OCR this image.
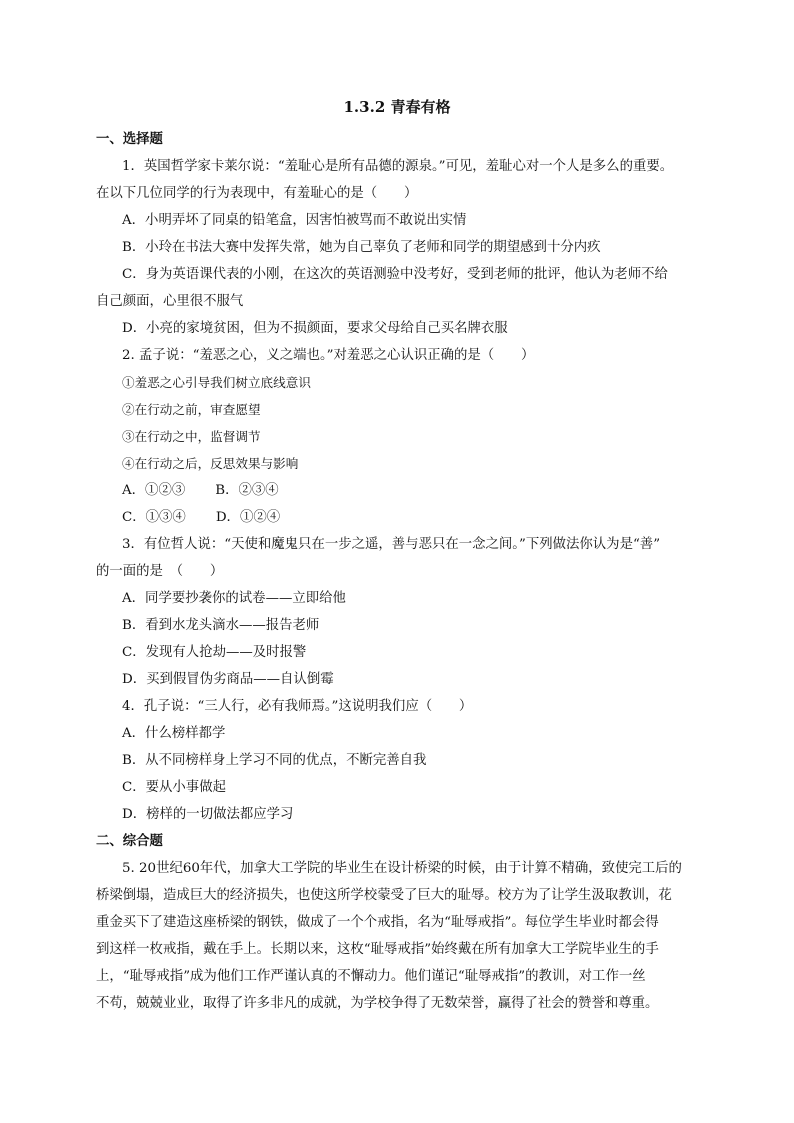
1.3.2 青春有格
一、选择题
1．英国哲学家卡莱尔说：“羞耻心是所有品德的源泉。”可见，羞耻心对一个人是多么的重要。
在以下几位同学的行为表现中，有羞耻心的是（　　）
A．小明弄坏了同桌的铅笔盒，因害怕被骂而不敢说出实情
B．小玲在书法大赛中发挥失常，她为自己辜负了老师和同学的期望感到十分内疚
C．身为英语课代表的小刚，在这次的英语测验中没考好，受到老师的批评，他认为老师不给
自己颜面，心里很不服气
D．小亮的家境贫困，但为不损颜面，要求父母给自己买名牌衣服
2. 孟子说：“羞恶之心，义之端也。”对羞恶之心认识正确的是（　　）
①羞恶之心引导我们树立底线意识
②在行动之前，审查愿望
③在行动之中，监督调节
④在行动之后，反思效果与影响
A．①②③ B．②③④
C．①③④ D．①②④
3．有位哲人说：“天使和魔鬼只在一步之遥，善与恶只在一念之间。”下列做法你认为是“善”
的一面的是　（　　）
A．同学要抄袭你的试卷——立即给他
B．看到水龙头滴水——报告老师
C．发现有人抢劫——及时报警
D．买到假冒伪劣商品——自认倒霉
4．孔子说：“三人行，必有我师焉。”这说明我们应（　　）
A．什么榜样都学
B．从不同榜样身上学习不同的优点，不断完善自我
C．要从小事做起
D．榜样的一切做法都应学习
二、综合题
5. 20世纪60年代，加拿大工学院的毕业生在设计桥梁的时候，由于计算不精确，致使完工后的
桥梁倒塌，造成巨大的经济损失，也使这所学校蒙受了巨大的耻辱。校方为了让学生汲取教训，花
重金买下了建造这座桥梁的钢铁，做成了一个个戒指，名为“耻辱戒指”。每位学生毕业时都会得
到这样一枚戒指，戴在手上。长期以来，这枚“耻辱戒指”始终戴在所有加拿大工学院毕业生的手
上，“耻辱戒指”成为他们工作严谨认真的不懈动力。他们谨记“耻辱戒指”的教训，对工作一丝
不苟，兢兢业业，取得了许多非凡的成就，为学校争得了无数荣誉，赢得了社会的赞誉和尊重。
